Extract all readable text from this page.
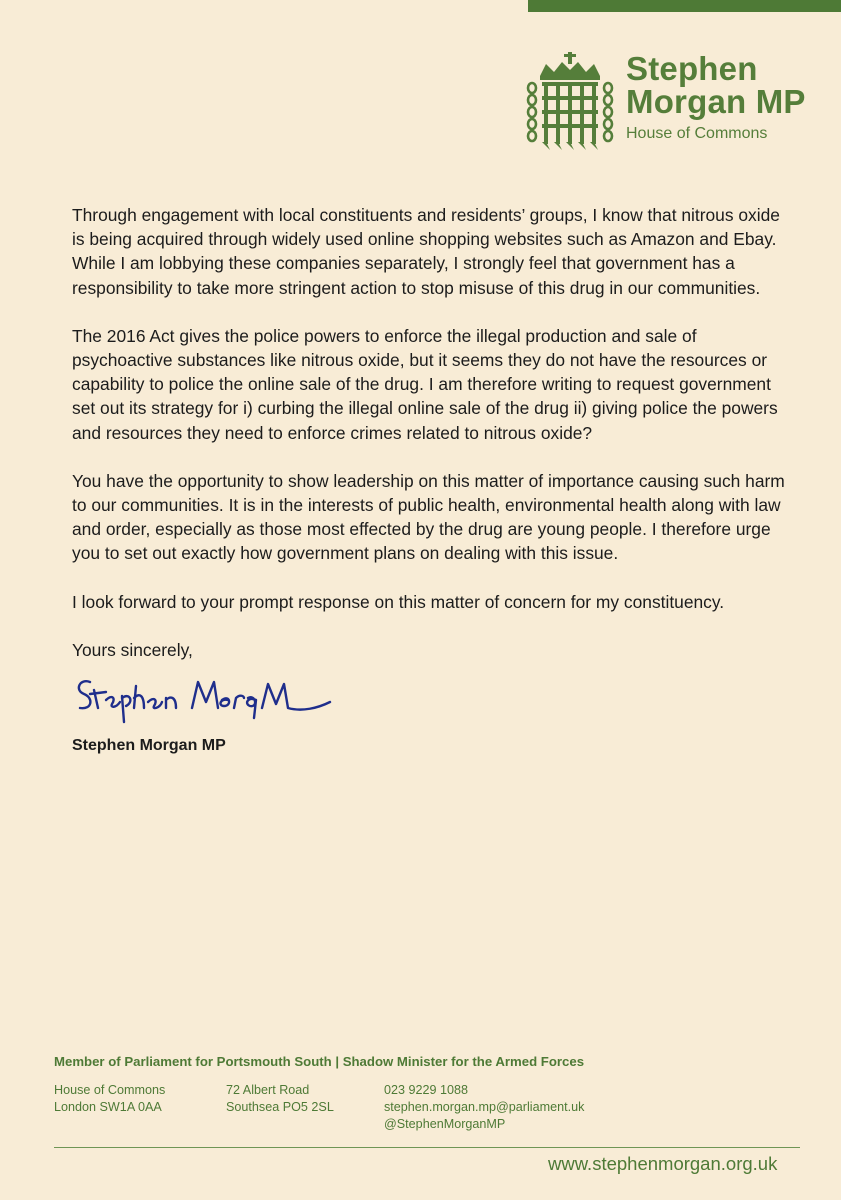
Stephen
Morgan MP
House of Commons

Through engagement with local constituents and residents’ groups, I know that nitrous oxide is being acquired through widely used online shopping websites such as Amazon and Ebay. While I am lobbying these companies separately, I strongly feel that government has a responsibility to take more stringent action to stop misuse of this drug in our communities.

The 2016 Act gives the police powers to enforce the illegal production and sale of psychoactive substances like nitrous oxide, but it seems they do not have the resources or capability to police the online sale of the drug. I am therefore writing to request government set out its strategy for i) curbing the illegal online sale of the drug ii) giving police the powers and resources they need to enforce crimes related to nitrous oxide?

You have the opportunity to show leadership on this matter of importance causing such harm to our communities. It is in the interests of public health, environmental health along with law and order, especially as those most effected by the drug are young people. I therefore urge you to set out exactly how government plans on dealing with this issue.

I look forward to your prompt response on this matter of concern for my constituency.

Yours sincerely,
Stephen Morgan MP
Member of Parliament for Portsmouth South | Shadow Minister for the Armed Forces
House of Commons
London SW1A 0AA
72 Albert Road
Southsea PO5 2SL
023 9229 1088
stephen.morgan.mp@parliament.uk
@StephenMorganMP
www.stephenmorgan.org.uk
